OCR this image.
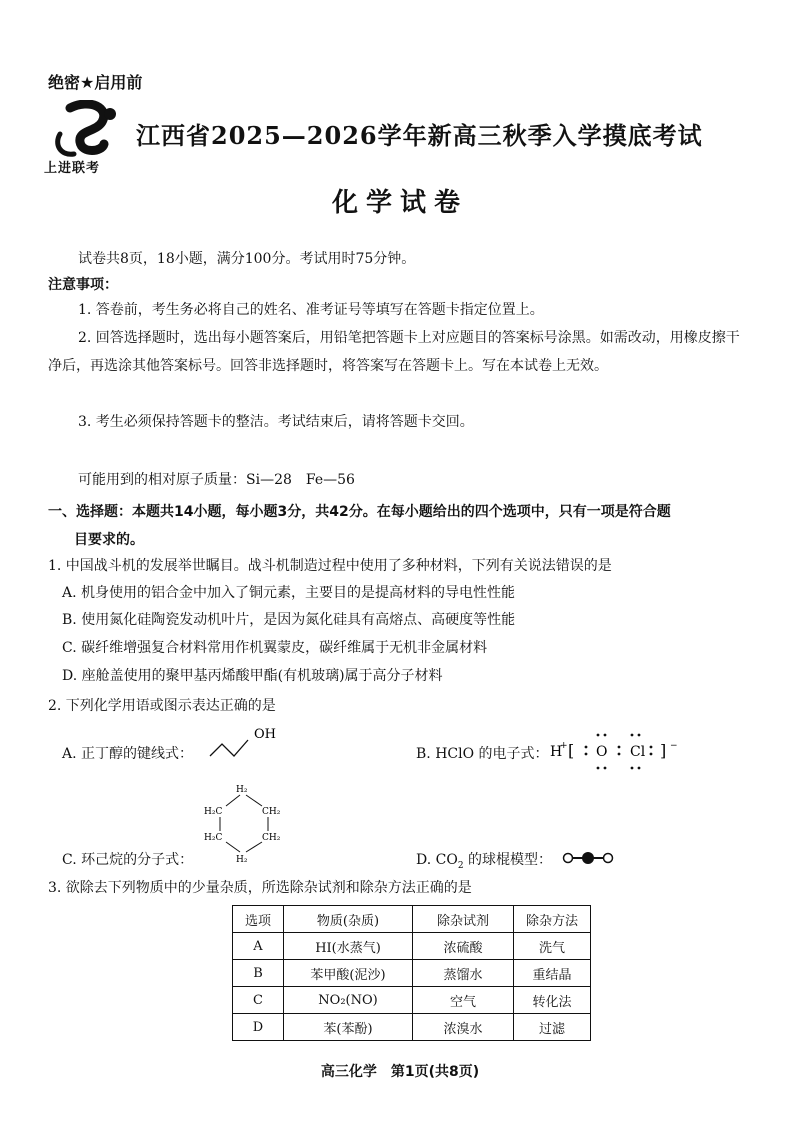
绝密★启用前
上进联考
江西省2025—2026学年新高三秋季入学摸底考试
化学试卷
试卷共8页，18小题，满分100分。考试用时75分钟。
注意事项：
1. 答卷前，考生务必将自己的姓名、准考证号等填写在答题卡指定位置上。
2. 回答选择题时，选出每小题答案后，用铅笔把答题卡上对应题目的答案标号涂黑。如需改动，用橡皮擦干净后，再选涂其他答案标号。回答非选择题时，将答案写在答题卡上。写在本试卷上无效。
3. 考生必须保持答题卡的整洁。考试结束后，请将答题卡交回。
可能用到的相对原子质量：Si—28　Fe—56
一、选择题：本题共14小题，每小题3分，共42分。在每小题给出的四个选项中，只有一项是符合题
目要求的。
1. 中国战斗机的发展举世瞩目。战斗机制造过程中使用了多种材料，下列有关说法错误的是
A. 机身使用的铝合金中加入了铜元素，主要目的是提高材料的导电性性能
B. 使用氮化硅陶瓷发动机叶片，是因为氮化硅具有高熔点、高硬度等性能
C. 碳纤维增强复合材料常用作机翼蒙皮，碳纤维属于无机非金属材料
D. 座舱盖使用的聚甲基丙烯酸甲酯(有机玻璃)属于高分子材料
2. 下列化学用语或图示表达正确的是
A. 正丁醇的键线式：
OH
B. HClO 的电子式： H
+ [ O Cl ] −
H₂
H₂C	CH₂
H₂C	CH₂
H₂
C. 环己烷的分子式：	D. $CO_2$ 的球棍模型：
3. 欲除去下列物质中的少量杂质，所选除杂试剂和除杂方法正确的是
选项	物质(杂质)	除杂试剂	除杂方法
A	HI(水蒸气)	浓硫酸	洗气
B	苯甲酸(泥沙)	蒸馏水	重结晶
C	NO₂(NO)	空气	转化法
D	苯(苯酚)	浓溴水	过滤
高三化学　第1页(共8页)
